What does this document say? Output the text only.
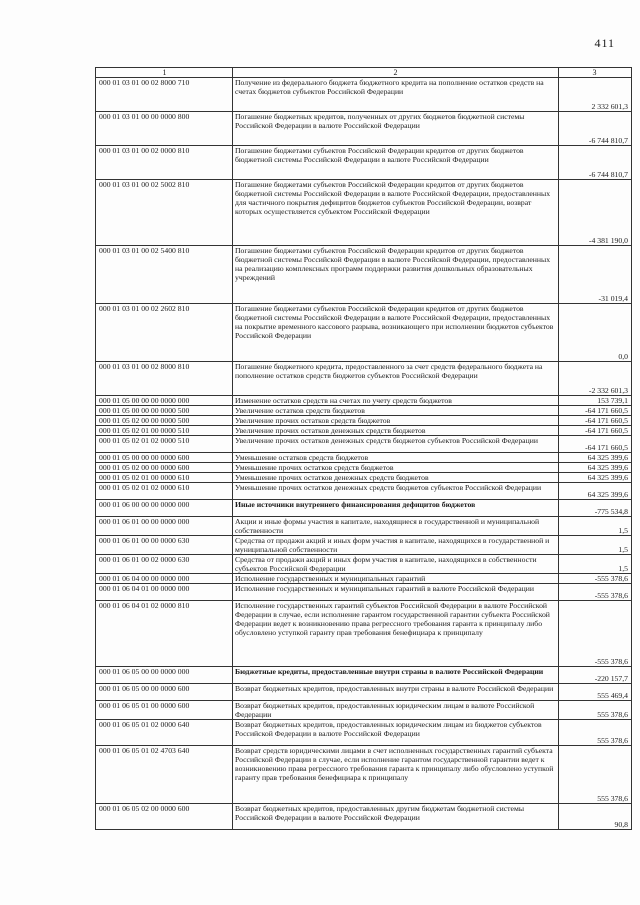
411
1	2	3
000 01 03 01 00 02 8000 710	Получение из федерального бюджета бюджетного кредита на пополнение остатков средств на счетах бюджетов субъектов Российской Федерации	2 332 601,3
000 01 03 01 00 00 0000 800	Погашение бюджетных кредитов, полученных от других бюджетов бюджетной системы Российской Федерации в валюте Российской Федерации	-6 744 810,7
000 01 03 01 00 02 0000 810	Погашение бюджетами субъектов Российской Федерации кредитов от других бюджетов бюджетной системы Российской Федерации в валюте Российской Федерации	-6 744 810,7
000 01 03 01 00 02 5002 810	Погашение бюджетами субъектов Российской Федерации кредитов от других бюджетов бюджетной системы Российской Федерации в валюте Российской Федерации, предоставленных для частичного покрытия дефицитов бюджетов субъектов Российской Федерации, возврат которых осуществляется субъектом Российской Федерации	-4 381 190,0
000 01 03 01 00 02 5400 810	Погашение бюджетами субъектов Российской Федерации кредитов от других бюджетов бюджетной системы Российской Федерации в валюте Российской Федерации, предоставленных на реализацию комплексных программ поддержки развития дошкольных образовательных учреждений	-31 019,4
000 01 03 01 00 02 2602 810	Погашение бюджетами субъектов Российской Федерации кредитов от других бюджетов бюджетной системы Российской Федерации в валюте Российской Федерации, предоставленных на покрытие временного кассового разрыва, возникающего при исполнении бюджетов субъектов Российской Федерации	0,0
000 01 03 01 00 02 8000 810	Погашение бюджетного кредита, предоставленного за счет средств федерального бюджета на пополнение остатков средств бюджетов субъектов Российской Федерации	-2 332 601,3
000 01 05 00 00 00 0000 000	Изменение остатков средств на счетах по учету средств бюджетов	153 739,1
000 01 05 00 00 00 0000 500	Увеличение остатков средств бюджетов	-64 171 660,5
000 01 05 02 00 00 0000 500	Увеличение прочих остатков средств бюджетов	-64 171 660,5
000 01 05 02 01 00 0000 510	Увеличение прочих остатков денежных средств бюджетов	-64 171 660,5
000 01 05 02 01 02 0000 510	Увеличение прочих остатков денежных средств бюджетов субъектов Российской Федерации	-64 171 660,5
000 01 05 00 00 00 0000 600	Уменьшение остатков средств бюджетов	64 325 399,6
000 01 05 02 00 00 0000 600	Уменьшение прочих остатков средств бюджетов	64 325 399,6
000 01 05 02 01 00 0000 610	Уменьшение прочих остатков денежных средств бюджетов	64 325 399,6
000 01 05 02 01 02 0000 610	Уменьшение прочих остатков денежных средств бюджетов субъектов Российской Федерации	64 325 399,6
000 01 06 00 00 00 0000 000	Иные источники внутреннего финансирования дефицитов бюджетов	-775 534,8
000 01 06 01 00 00 0000 000	Акции и иные формы участия в капитале, находящиеся в государственной и муниципальной собственности	1,5
000 01 06 01 00 00 0000 630	Средства от продажи акций и иных форм участия в капитале, находящихся в государственной и муниципальной собственности	1,5
000 01 06 01 00 02 0000 630	Средства от продажи акций и иных форм участия в капитале, находящихся в собственности субъектов Российской Федерации	1,5
000 01 06 04 00 00 0000 000	Исполнение государственных и муниципальных гарантий	-555 378,6
000 01 06 04 01 00 0000 000	Исполнение государственных и муниципальных гарантий в валюте Российской Федерации	-555 378,6
000 01 06 04 01 02 0000 810	Исполнение государственных гарантий субъектов Российской Федерации в валюте Российской Федерации в случае, если исполнение гарантом государственной гарантии субъекта Российской Федерации ведет к возникновению права регрессного требования гаранта к принципалу либо обусловлено уступкой гаранту прав требования бенефициара к принципалу	-555 378,6
000 01 06 05 00 00 0000 000	Бюджетные кредиты, предоставленные внутри страны в валюте Российской Федерации	-220 157,7
000 01 06 05 00 00 0000 600	Возврат бюджетных кредитов, предоставленных внутри страны в валюте Российской Федерации	555 469,4
000 01 06 05 01 00 0000 600	Возврат бюджетных кредитов, предоставленных юридическим лицам в валюте Российской Федерации	555 378,6
000 01 06 05 01 02 0000 640	Возврат бюджетных кредитов, предоставленных юридическим лицам из бюджетов субъектов Российской Федерации в валюте Российской Федерации	555 378,6
000 01 06 05 01 02 4703 640	Возврат средств юридическими лицами в счет исполненных государственных гарантий субъекта Российской Федерации в случае, если исполнение гарантом государственной гарантии ведет к возникновению права регрессного требования гаранта к принципалу либо обусловлено уступкой гаранту прав требования бенефициара к принципалу	555 378,6
000 01 06 05 02 00 0000 600	Возврат бюджетных кредитов, предоставленных другим бюджетам бюджетной системы Российской Федерации в валюте Российской Федерации	90,8
